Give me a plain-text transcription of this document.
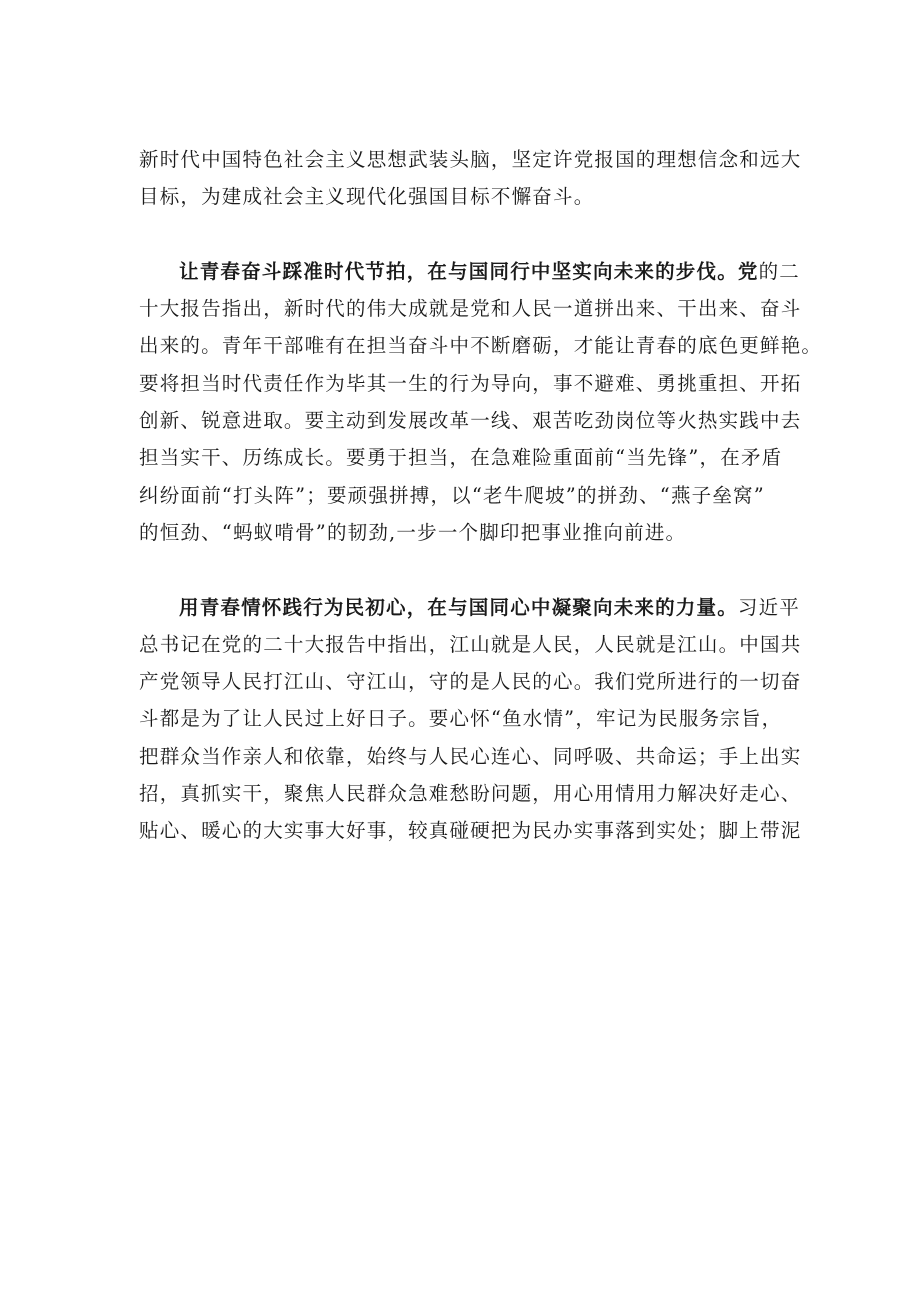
新时代中国特色社会主义思想武装头脑，坚定许党报国的理想信念和远大
目标，为建成社会主义现代化强国目标不懈奋斗。
让青春奋斗踩准时代节拍，在与国同行中坚实向未来的步伐。党的二
十大报告指出，新时代的伟大成就是党和人民一道拼出来、干出来、奋斗
出来的。青年干部唯有在担当奋斗中不断磨砺，才能让青春的底色更鲜艳。
要将担当时代责任作为毕其一生的行为导向，事不避难、勇挑重担、开拓
创新、锐意进取。要主动到发展改革一线、艰苦吃劲岗位等火热实践中去
担当实干、历练成长。要勇于担当，在急难险重面前“当先锋”，在矛盾
纠纷面前“打头阵”；要顽强拼搏，以“老牛爬坡”的拼劲、“燕子垒窝”
的恒劲、“蚂蚁啃骨”的韧劲,一步一个脚印把事业推向前进。
用青春情怀践行为民初心，在与国同心中凝聚向未来的力量。习近平
总书记在党的二十大报告中指出，江山就是人民，人民就是江山。中国共
产党领导人民打江山、守江山，守的是人民的心。我们党所进行的一切奋
斗都是为了让人民过上好日子。要心怀“鱼水情”，牢记为民服务宗旨，
把群众当作亲人和依靠，始终与人民心连心、同呼吸、共命运；手上出实
招，真抓实干，聚焦人民群众急难愁盼问题，用心用情用力解决好走心、
贴心、暖心的大实事大好事，较真碰硬把为民办实事落到实处；脚上带泥
